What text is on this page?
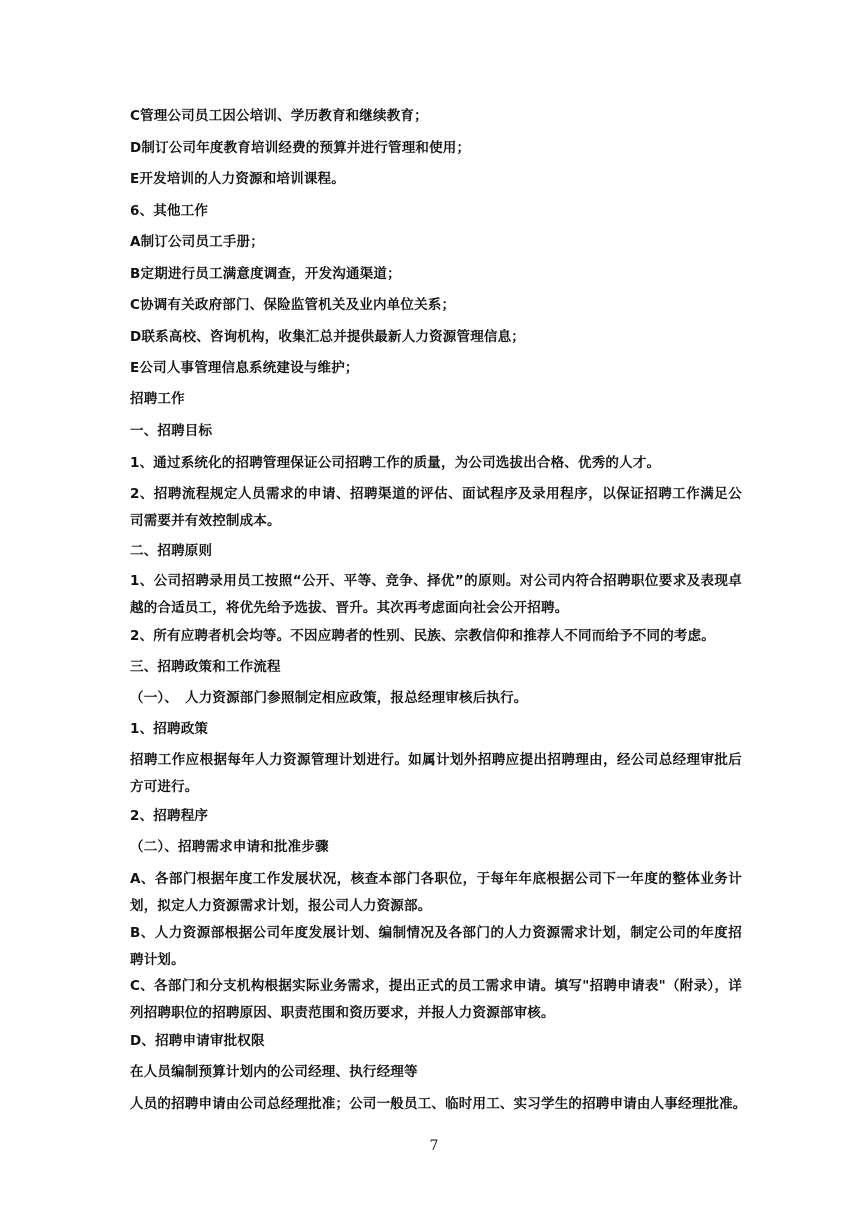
C管理公司员工因公培训、学历教育和继续教育；
D制订公司年度教育培训经费的预算并进行管理和使用；
E开发培训的人力资源和培训课程。
6、其他工作
A制订公司员工手册；
B定期进行员工满意度调查，开发沟通渠道；
C协调有关政府部门、保险监管机关及业内单位关系；
D联系高校、咨询机构，收集汇总并提供最新人力资源管理信息；
E公司人事管理信息系统建设与维护；
招聘工作
一、招聘目标
1、通过系统化的招聘管理保证公司招聘工作的质量，为公司选拔出合格、优秀的人才。
2、招聘流程规定人员需求的申请、招聘渠道的评估、面试程序及录用程序，以保证招聘工作满足公司需要并有效控制成本。
二、招聘原则
1、公司招聘录用员工按照“公开、平等、竞争、择优”的原则。对公司内符合招聘职位要求及表现卓越的合适员工，将优先给予选拔、晋升。其次再考虑面向社会公开招聘。
2、所有应聘者机会均等。不因应聘者的性别、民族、宗教信仰和推荐人不同而给予不同的考虑。
三、招聘政策和工作流程
（一）、　人力资源部门参照制定相应政策，报总经理审核后执行。
1、招聘政策
招聘工作应根据每年人力资源管理计划进行。如属计划外招聘应提出招聘理由，经公司总经理审批后方可进行。
2、招聘程序
（二）、招聘需求申请和批准步骤
A、各部门根据年度工作发展状况，核查本部门各职位，于每年年底根据公司下一年度的整体业务计划，拟定人力资源需求计划，报公司人力资源部。
B、人力资源部根据公司年度发展计划、编制情况及各部门的人力资源需求计划，制定公司的年度招聘计划。
C、各部门和分支机构根据实际业务需求，提出正式的员工需求申请。填写"招聘申请表"（附录），详列招聘职位的招聘原因、职责范围和资历要求，并报人力资源部审核。
D、招聘申请审批权限
在人员编制预算计划内的公司经理、执行经理等
人员的招聘申请由公司总经理批准；公司一般员工、临时用工、实习学生的招聘申请由人事经理批准。
7
